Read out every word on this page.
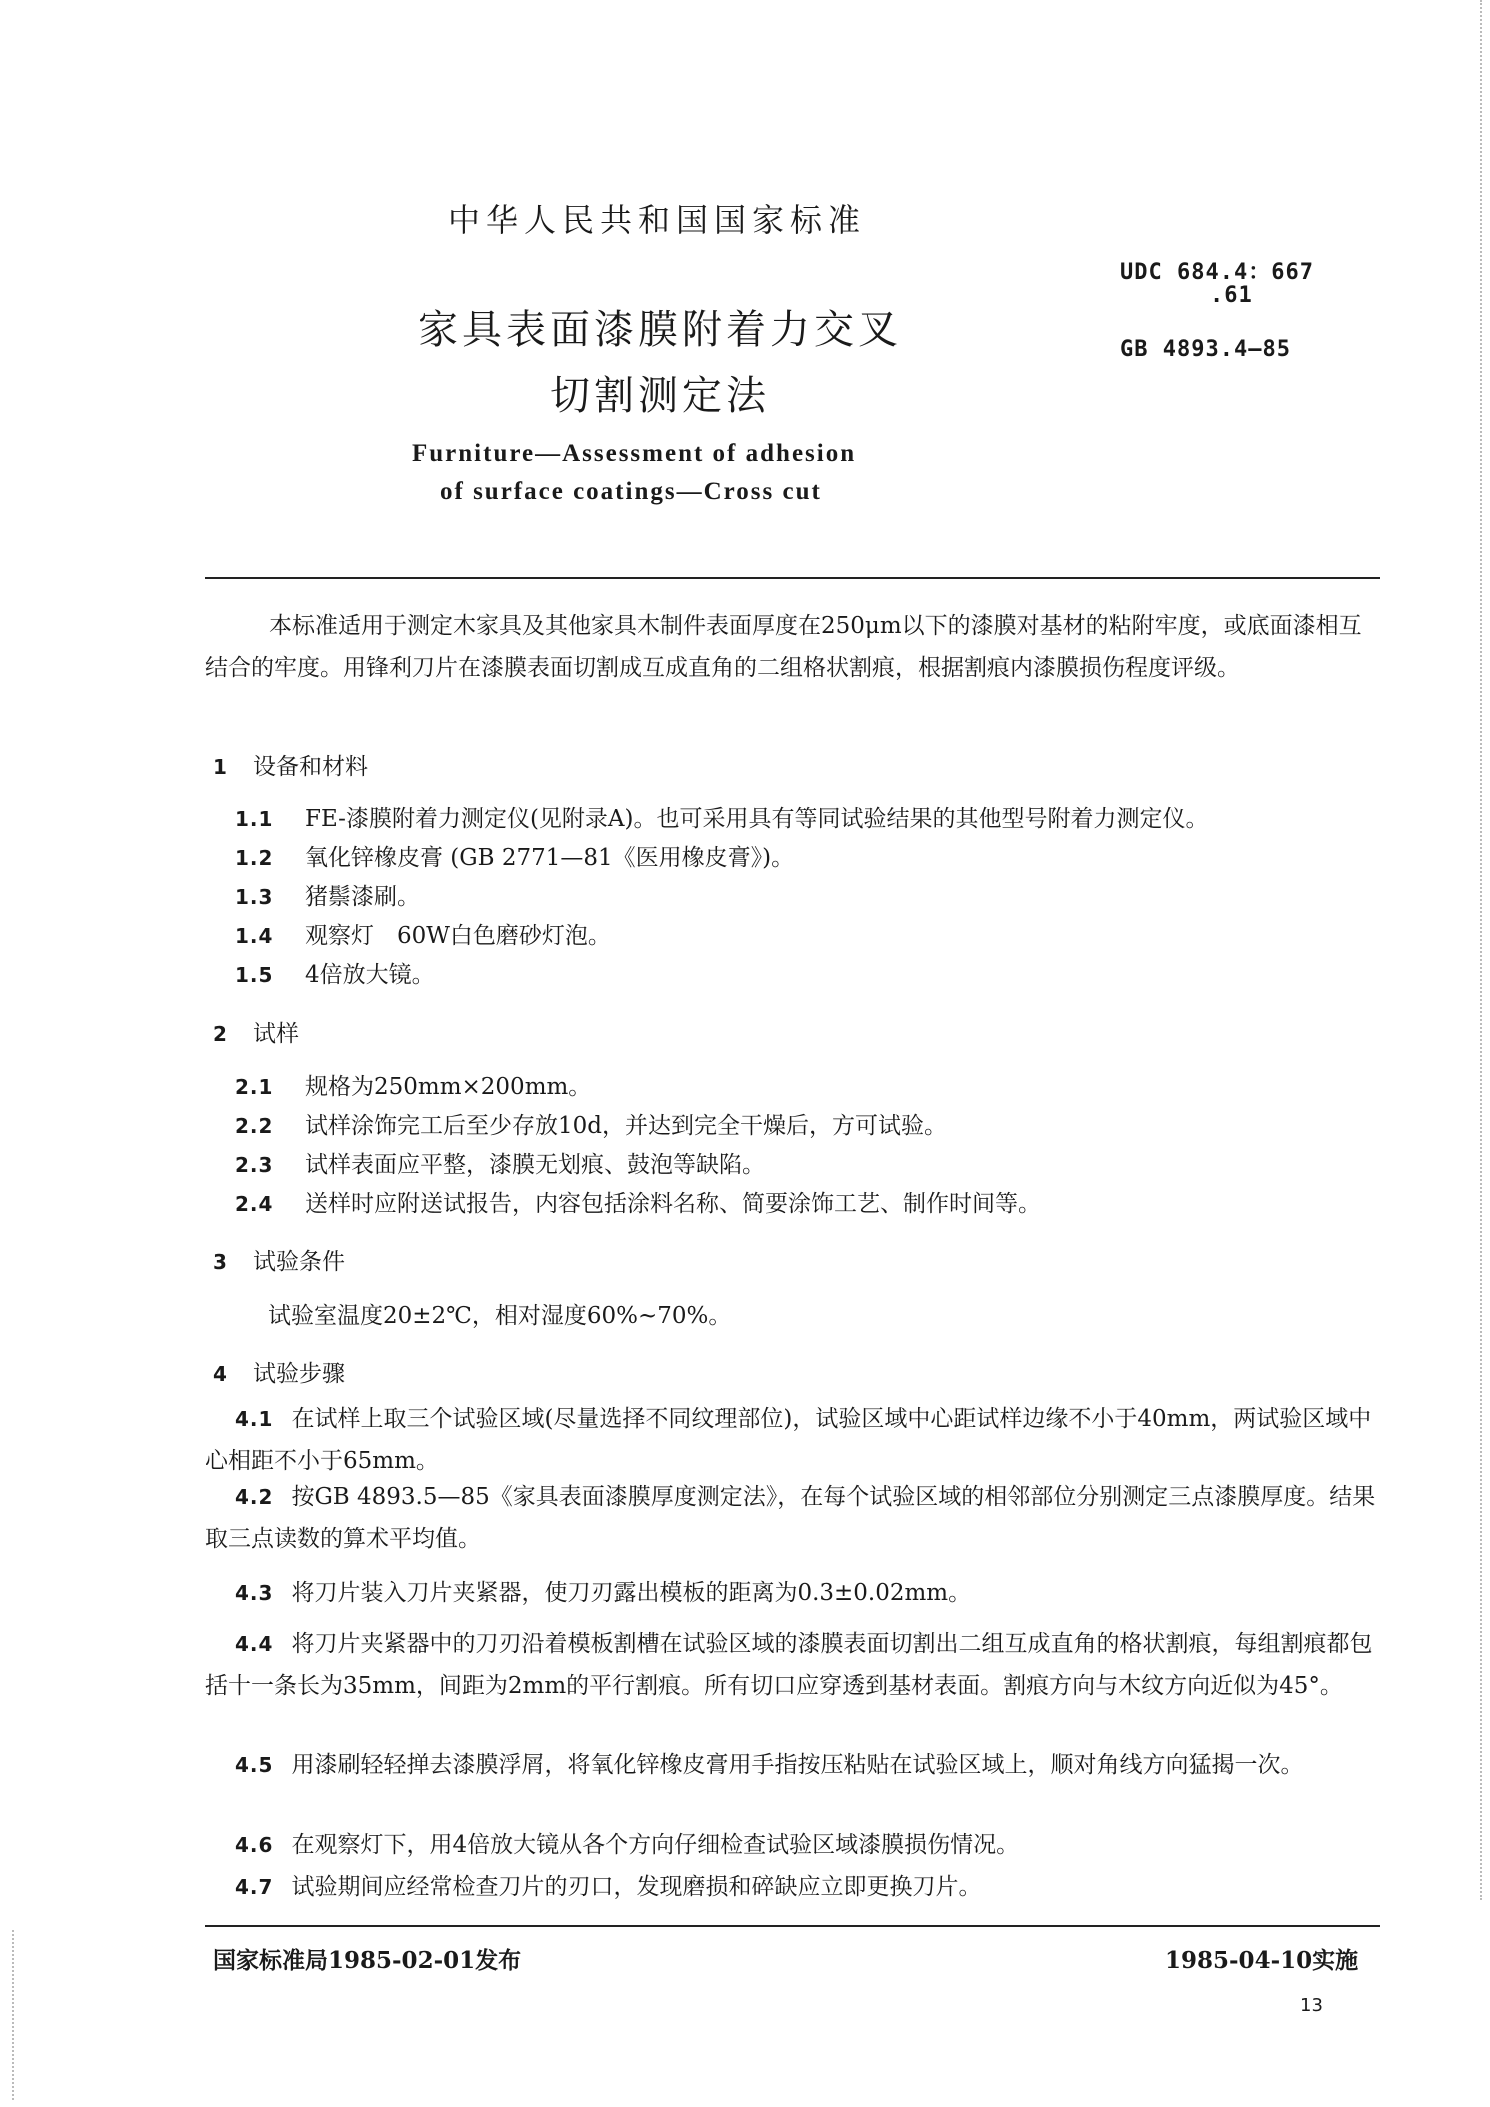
中华人民共和国国家标准
UDC 684.4：667
.61
GB 4893.4—85
家具表面漆膜附着力交叉
切割测定法
Furniture—Assessment of adhesion
of surface coatings—Cross cut
本标准适用于测定木家具及其他家具木制件表面厚度在250μm以下的漆膜对基材的粘附牢度，或底面漆相互结合的牢度。用锋利刀片在漆膜表面切割成互成直角的二组格状割痕，根据割痕内漆膜损伤程度评级。
1 设备和材料
1.1 FE-漆膜附着力测定仪(见附录A)。也可采用具有等同试验结果的其他型号附着力测定仪。
1.2 氧化锌橡皮膏 (GB 2771—81《医用橡皮膏》)。
1.3 猪鬃漆刷。
1.4 观察灯　60W白色磨砂灯泡。
1.5 4倍放大镜。
2 试样
2.1 规格为250mm×200mm。
2.2 试样涂饰完工后至少存放10d，并达到完全干燥后，方可试验。
2.3 试样表面应平整，漆膜无划痕、鼓泡等缺陷。
2.4 送样时应附送试报告，内容包括涂料名称、简要涂饰工艺、制作时间等。
3 试验条件
试验室温度20±2℃，相对湿度60%~70%。
4 试验步骤
4.1 在试样上取三个试验区域(尽量选择不同纹理部位)，试验区域中心距试样边缘不小于40mm，两试验区域中心相距不小于65mm。
4.2 按GB 4893.5—85《家具表面漆膜厚度测定法》，在每个试验区域的相邻部位分别测定三点漆膜厚度。结果取三点读数的算术平均值。
4.3 将刀片装入刀片夹紧器，使刀刃露出模板的距离为0.3±0.02mm。
4.4 将刀片夹紧器中的刀刃沿着模板割槽在试验区域的漆膜表面切割出二组互成直角的格状割痕，每组割痕都包括十一条长为35mm，间距为2mm的平行割痕。所有切口应穿透到基材表面。割痕方向与木纹方向近似为45°。
4.5 用漆刷轻轻掸去漆膜浮屑，将氧化锌橡皮膏用手指按压粘贴在试验区域上，顺对角线方向猛揭一次。
4.6 在观察灯下，用4倍放大镜从各个方向仔细检查试验区域漆膜损伤情况。
4.7 试验期间应经常检查刀片的刃口，发现磨损和碎缺应立即更换刀片。
国家标准局1985-02-01发布	1985-04-10实施
13
